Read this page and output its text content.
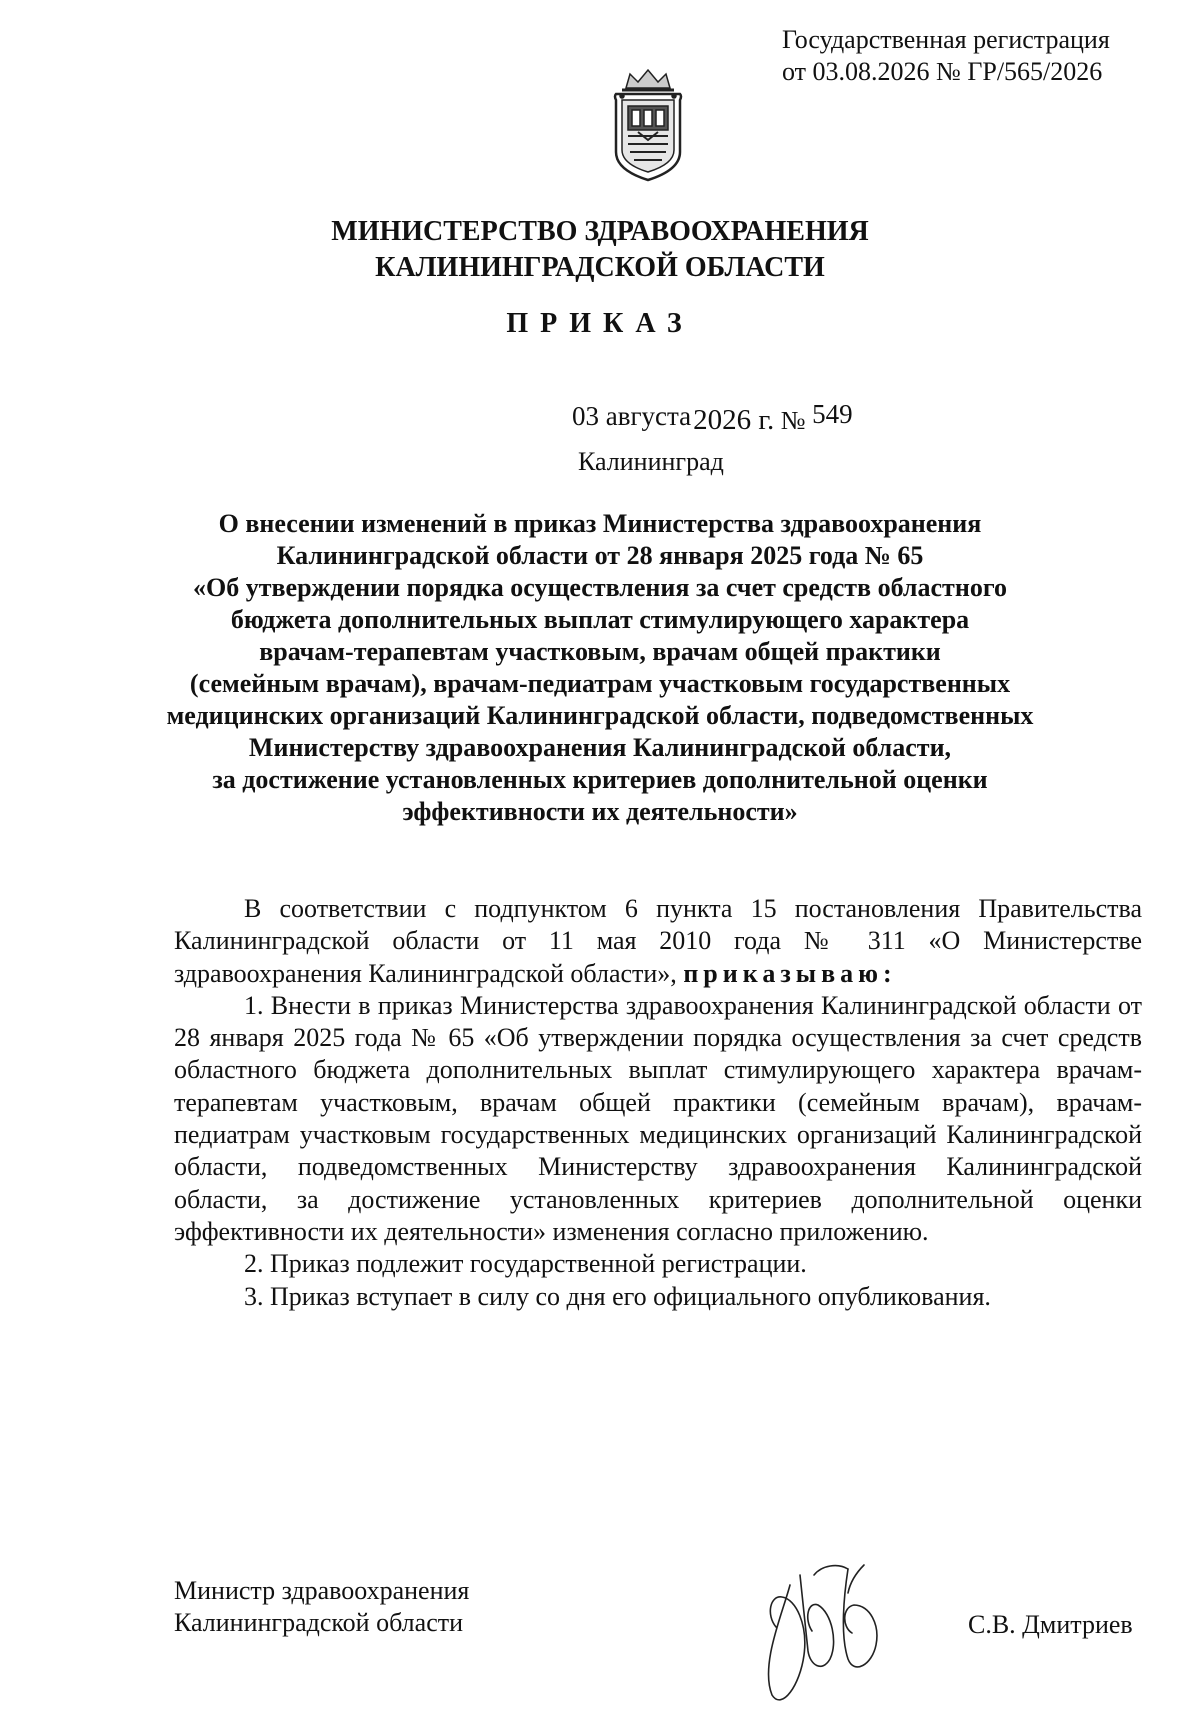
Государственная регистрация
от 03.08.2026 № ГР/565/2026
МИНИСТЕРСТВО ЗДРАВООХРАНЕНИЯ
КАЛИНИНГРАДСКОЙ ОБЛАСТИ
ПРИКАЗ
03 августа2026 г. № 549
Калининград
О внесении изменений в приказ Министерства здравоохранения
Калининградской области от 28 января 2025 года № 65
«Об утверждении порядка осуществления за счет средств областного
бюджета дополнительных выплат стимулирующего характера
врачам-терапевтам участковым, врачам общей практики
(семейным врачам), врачам-педиатрам участковым государственных
медицинских организаций Калининградской области, подведомственных
Министерству здравоохранения Калининградской области,
за достижение установленных критериев дополнительной оценки
эффективности их деятельности»

В соответствии с подпунктом 6 пункта 15 постановления Правительства Калининградской области от 11 мая 2010 года № 311 «О Министерстве здравоохранения Калининградской области», приказываю:

1. Внести в приказ Министерства здравоохранения Калининградской области от 28 января 2025 года № 65 «Об утверждении порядка осуществления за счет средств областного бюджета дополнительных выплат стимулирующего характера врачам-терапевтам участковым, врачам общей практики (семейным врачам), врачам-педиатрам участковым государственных медицинских организаций Калининградской области, подведомственных Министерству здравоохранения Калининградской области, за достижение установленных критериев дополнительной оценки эффективности их деятельности» изменения согласно приложению.

2. Приказ подлежит государственной регистрации.

3. Приказ вступает в силу со дня его официального опубликования.

Министр здравоохранения
Калининградской области	С.В. Дмитриев
